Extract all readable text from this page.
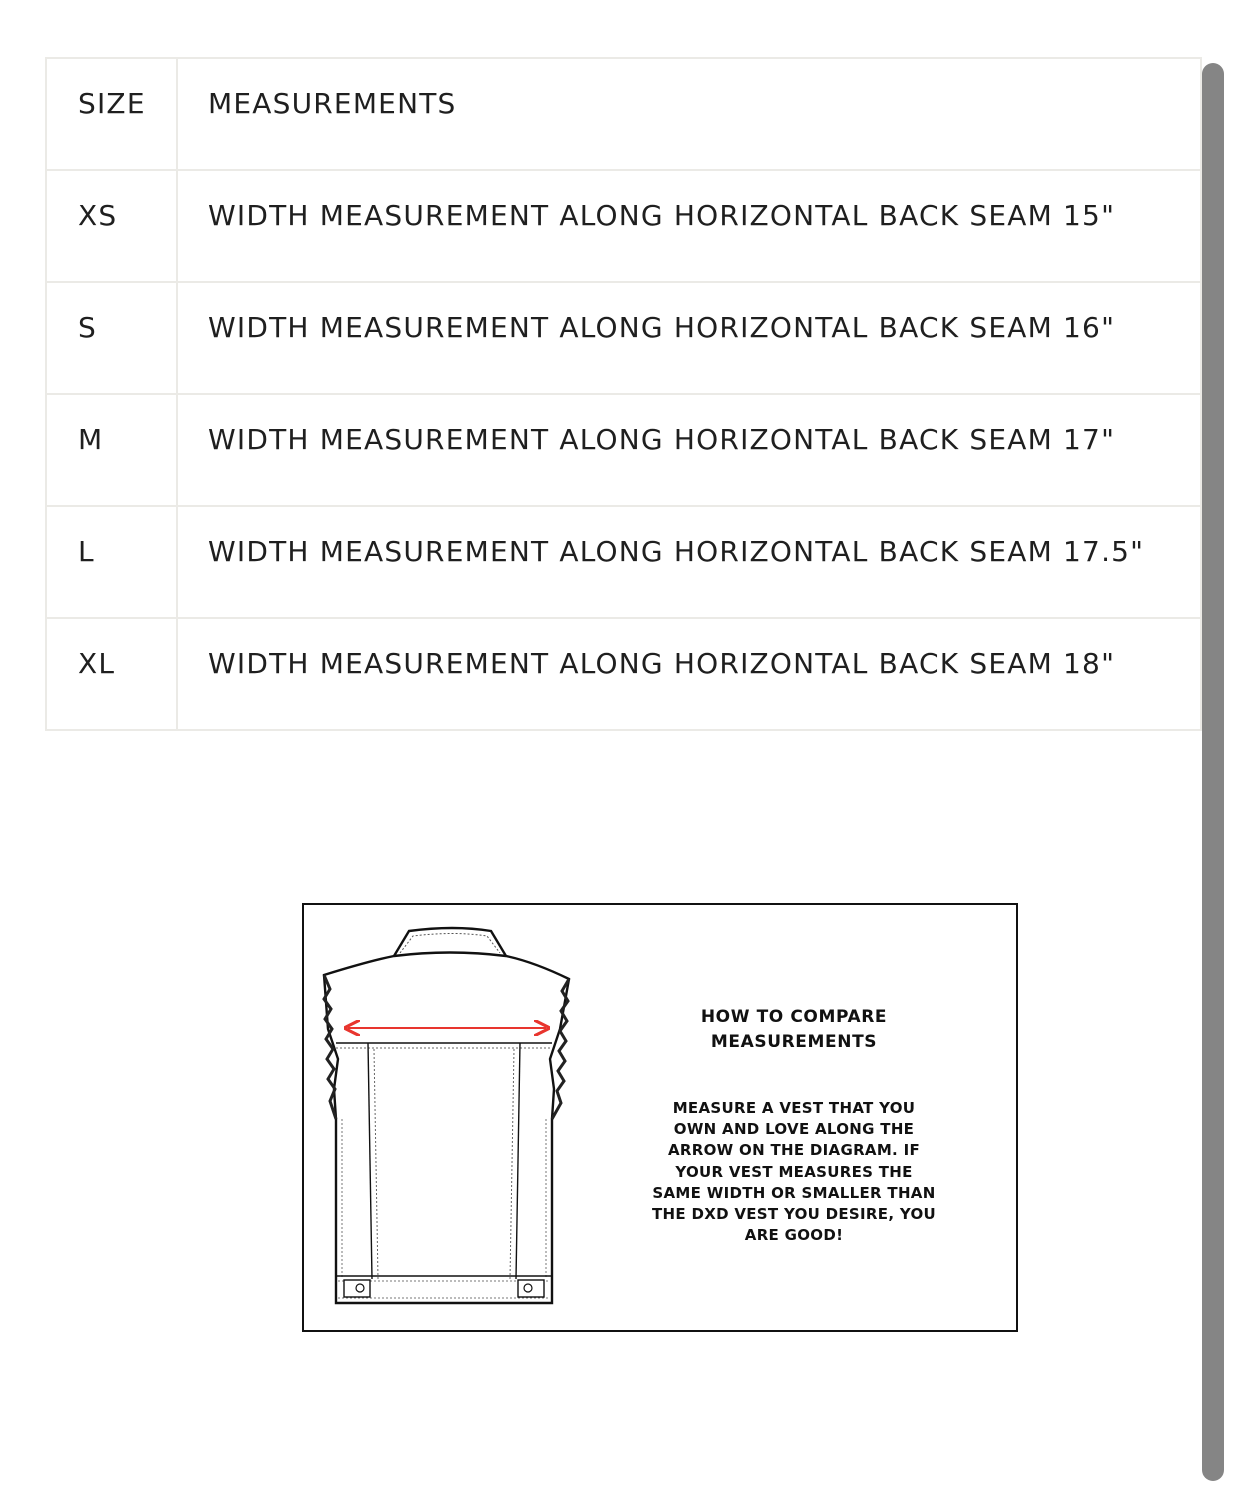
SIZE	MEASUREMENTS
XS	WIDTH MEASUREMENT ALONG HORIZONTAL BACK SEAM 15"
S	WIDTH MEASUREMENT ALONG HORIZONTAL BACK SEAM 16"
M	WIDTH MEASUREMENT ALONG HORIZONTAL BACK SEAM 17"
L	WIDTH MEASUREMENT ALONG HORIZONTAL BACK SEAM 17.5"
XL	WIDTH MEASUREMENT ALONG HORIZONTAL BACK SEAM 18"
HOW TO COMPARE
MEASUREMENTS
MEASURE A VEST THAT YOU
OWN AND LOVE ALONG THE
ARROW ON THE DIAGRAM. IF
YOUR VEST MEASURES THE
SAME WIDTH OR SMALLER THAN
THE DXD VEST YOU DESIRE, YOU
ARE GOOD!
